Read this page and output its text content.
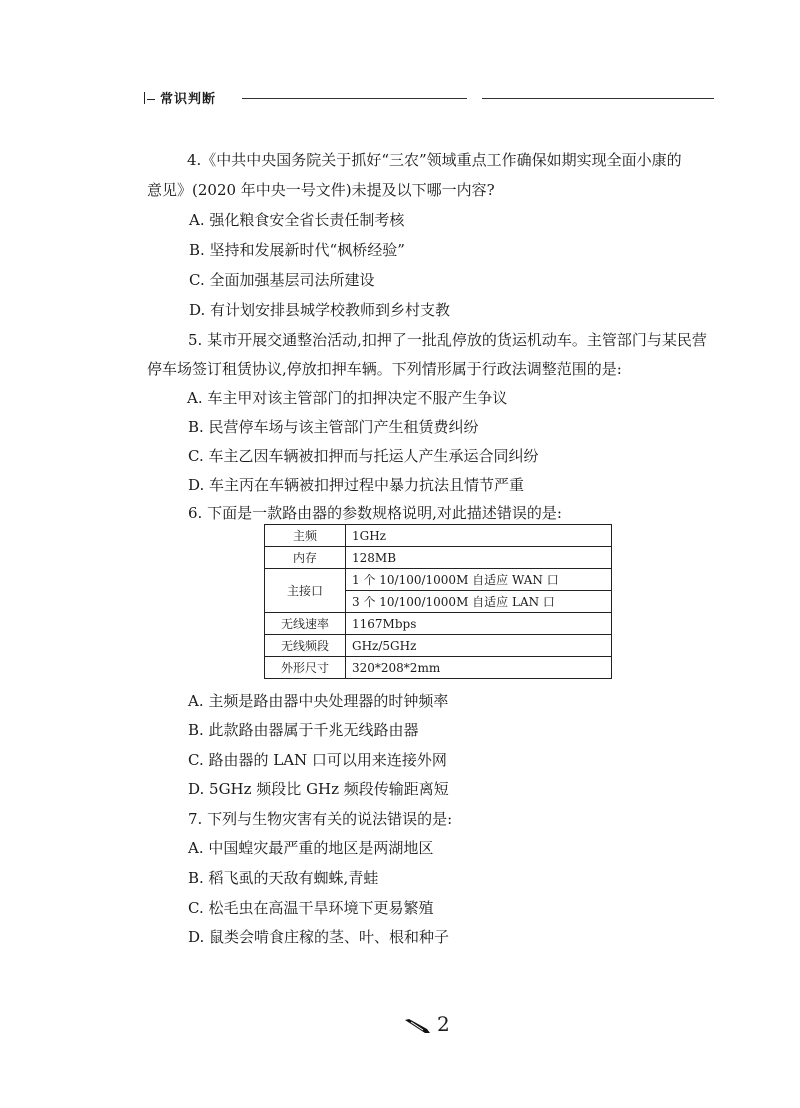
常识判断
4.《中共中央国务院关于抓好“三农”领域重点工作确保如期实现全面小康的
意见》(2020 年中央一号文件)未提及以下哪一内容?
A. 强化粮食安全省长责任制考核
B. 坚持和发展新时代“枫桥经验”
C. 全面加强基层司法所建设
D. 有计划安排县城学校教师到乡村支教
5. 某市开展交通整治活动,扣押了一批乱停放的货运机动车。主管部门与某民营
停车场签订租赁协议,停放扣押车辆。下列情形属于行政法调整范围的是:
A. 车主甲对该主管部门的扣押决定不服产生争议
B. 民营停车场与该主管部门产生租赁费纠纷
C. 车主乙因车辆被扣押而与托运人产生承运合同纠纷
D. 车主丙在车辆被扣押过程中暴力抗法且情节严重
6. 下面是一款路由器的参数规格说明,对此描述错误的是:
主频	1GHz
内存	128MB
主接口	1 个 10/100/1000M 自适应 WAN 口
	3 个 10/100/1000M 自适应 LAN 口
无线速率	1167Mbps
无线频段	GHz/5GHz
外形尺寸	320*208*2mm
A. 主频是路由器中央处理器的时钟频率
B. 此款路由器属于千兆无线路由器
C. 路由器的 LAN 口可以用来连接外网
D. 5GHz 频段比 GHz 频段传输距离短
7. 下列与生物灾害有关的说法错误的是:
A. 中国蝗灾最严重的地区是两湖地区
B. 稻飞虱的天敌有蜘蛛,青蛙
C. 松毛虫在高温干旱环境下更易繁殖
D. 鼠类会啃食庄稼的茎、叶、根和种子
2
